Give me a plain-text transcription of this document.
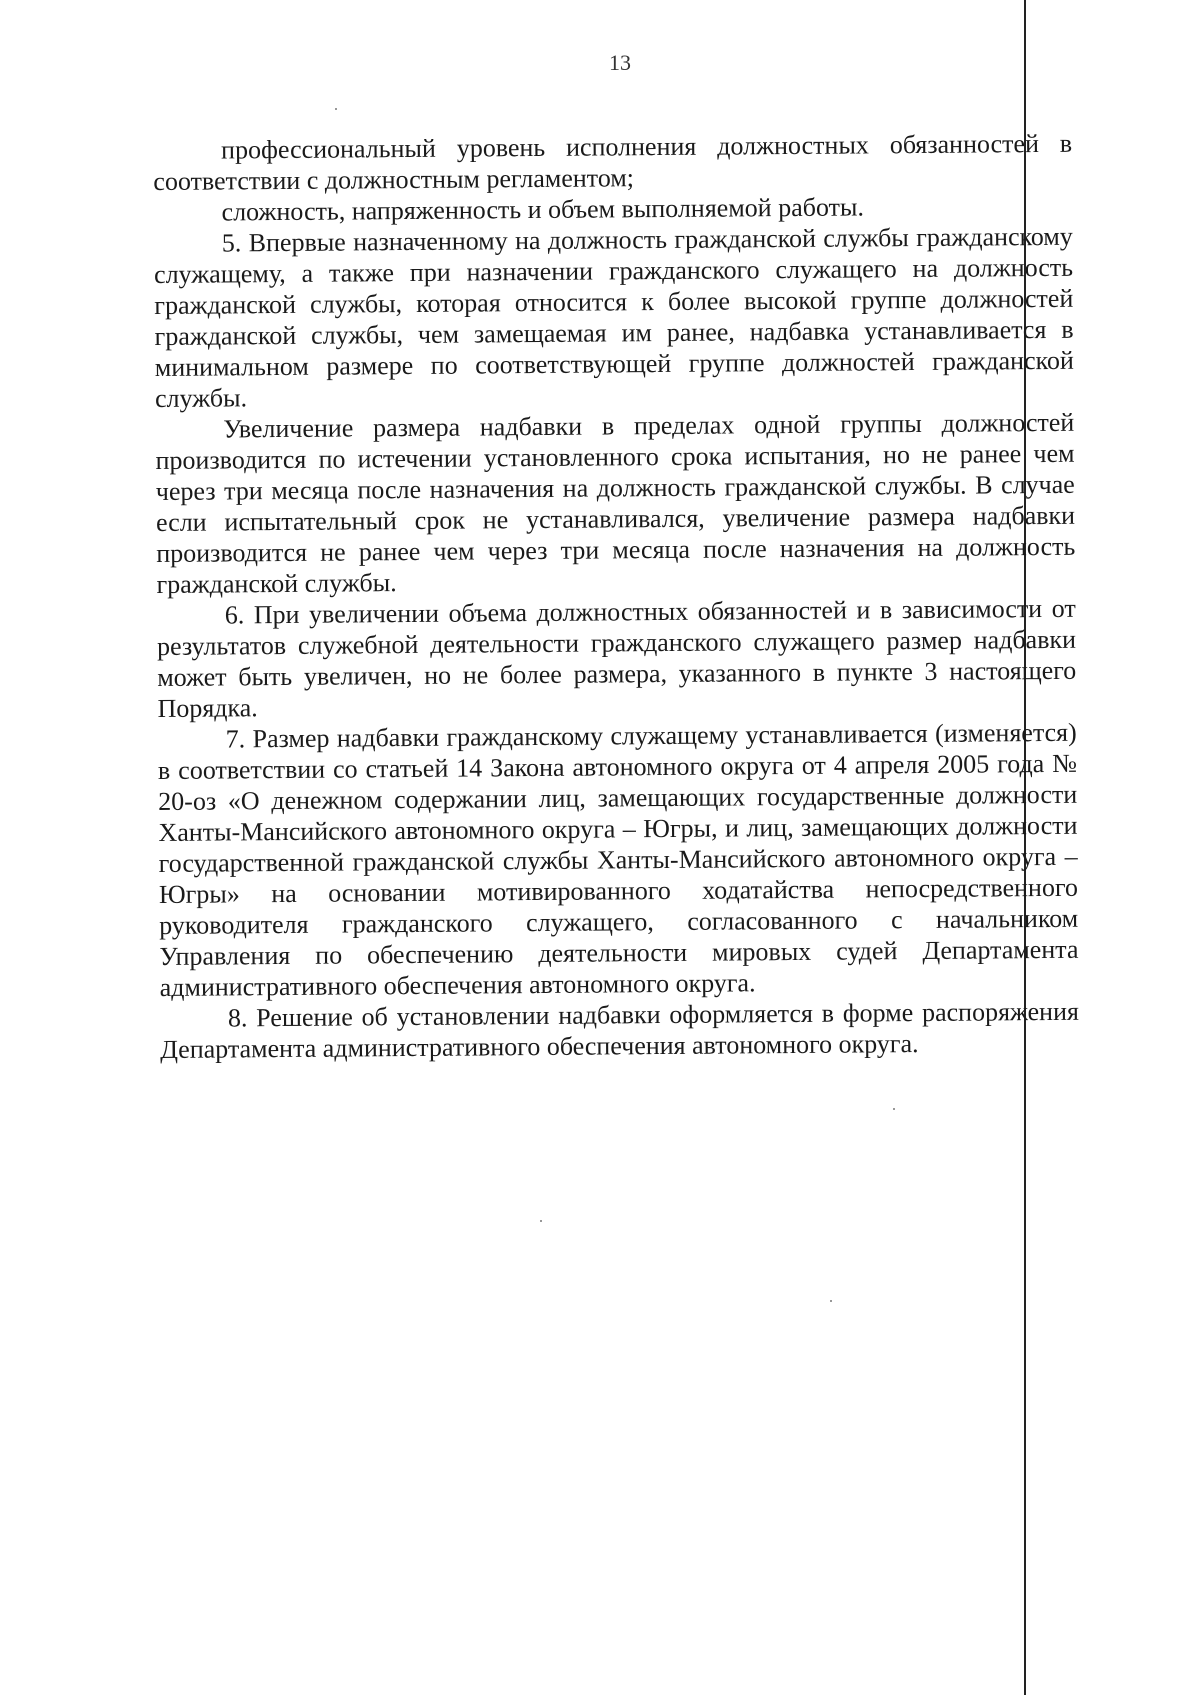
13

профессиональный уровень исполнения должностных обязанностей в соответствии с должностным регламентом;

сложность, напряженность и объем выполняемой работы.

5. Впервые назначенному на должность гражданской службы гражданскому служащему, а также при назначении гражданского служащего на должность гражданской службы, которая относится к более высокой группе должностей гражданской службы, чем замещаемая им ранее, надбавка устанавливается в минимальном размере по соответствующей группе должностей гражданской службы.

Увеличение размера надбавки в пределах одной группы должностей производится по истечении установленного срока испытания, но не ранее чем через три месяца после назначения на должность гражданской службы. В случае если испытательный срок не устанавливался, увеличение размера надбавки производится не ранее чем через три месяца после назначения на должность гражданской службы.

6. При увеличении объема должностных обязанностей и в зависимости от результатов служебной деятельности гражданского служащего размер надбавки может быть увеличен, но не более размера, указанного в пункте 3 настоящего Порядка.

7. Размер надбавки гражданскому служащему устанавливается (изменяется) в соответствии со статьей 14 Закона автономного округа от 4 апреля 2005 года № 20-оз «О денежном содержании лиц, замещающих государственные должности Ханты-Мансийского автономного округа – Югры, и лиц, замещающих должности государственной гражданской службы Ханты-Мансийского автономного округа – Югры» на основании мотивированного ходатайства непосредственного руководителя гражданского служащего, согласованного с начальником Управления по обеспечению деятельности мировых судей Департамента административного обеспечения автономного округа.

8. Решение об установлении надбавки оформляется в форме распоряжения Департамента административного обеспечения автономного округа.
